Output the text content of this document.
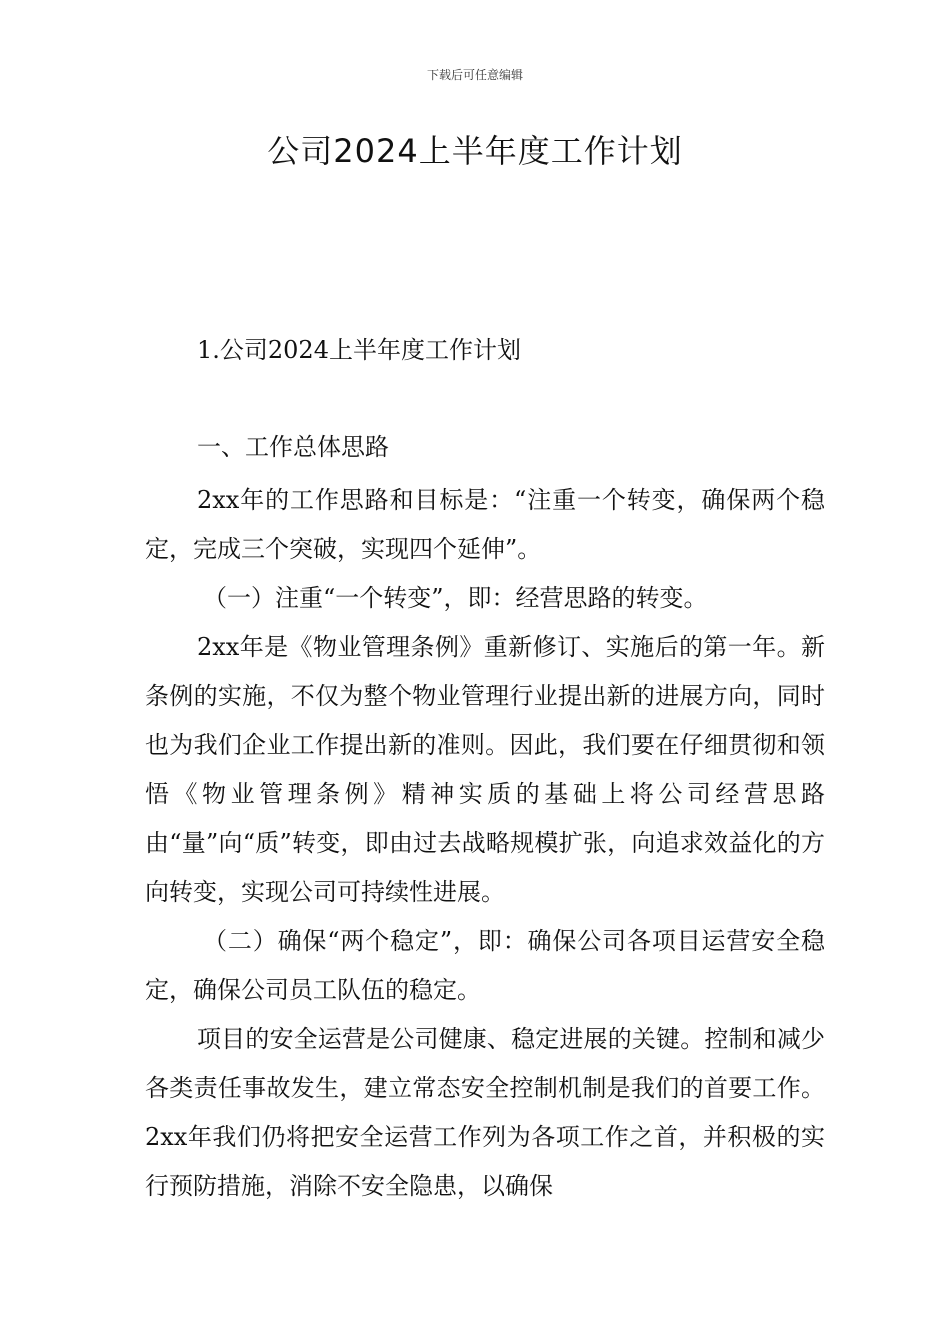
下载后可任意编辑
公司2024上半年度工作计划

1.公司2024上半年度工作计划

一、工作总体思路

2xx年的工作思路和目标是：“注重一个转变，确保两个稳定，完成三个突破，实现四个延伸”。

（一）注重“一个转变”，即：经营思路的转变。

2xx年是《物业管理条例》重新修订、实施后的第一年。新条例的实施，不仅为整个物业管理行业提出新的进展方向，同时也为我们企业工作提出新的准则。因此，我们要在仔细贯彻和领悟《物业管理条例》精神实质的基础上将公司经营思路由“量”向“质”转变，即由过去战略规模扩张，向追求效益化的方向转变，实现公司可持续性进展。

（二）确保“两个稳定”，即：确保公司各项目运营安全稳定，确保公司员工队伍的稳定。

项目的安全运营是公司健康、稳定进展的关键。控制和减少各类责任事故发生，建立常态安全控制机制是我们的首要工作。2xx年我们仍将把安全运营工作列为各项工作之首，并积极的实行预防措施，消除不安全隐患，以确保
